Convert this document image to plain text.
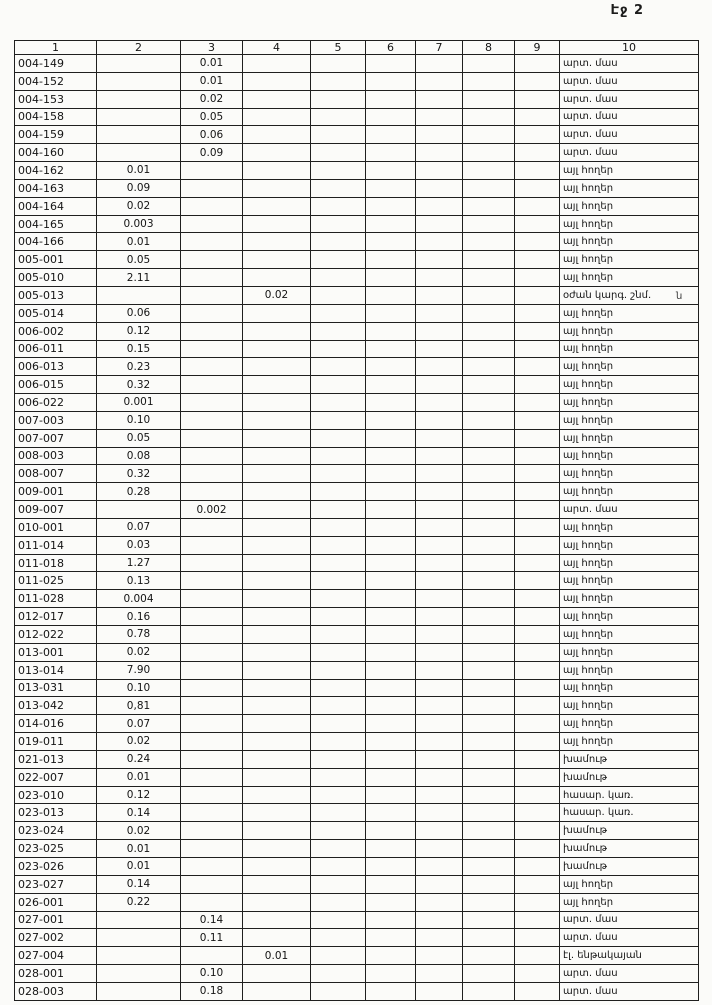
Էջ 2
ն
1	2	3	4	5	6	7	8	9	10
004-149		0.01							արտ. մաս
004-152		0.01							արտ. մաս
004-153		0.02							արտ. մաս
004-158		0.05							արտ. մաս
004-159		0.06							արտ. մաս
004-160		0.09							արտ. մաս
004-162	0.01								այլ հողեր
004-163	0.09								այլ հողեր
004-164	0.02								այլ հողեր
004-165	0.003								այլ հողեր
004-166	0.01								այլ հողեր
005-001	0.05								այլ հողեր
005-010	2.11								այլ հողեր
005-013			0.02						օժան կարգ. շնմ.
005-014	0.06								այլ հողեր
006-002	0.12								այլ հողեր
006-011	0.15								այլ հողեր
006-013	0.23								այլ հողեր
006-015	0.32								այլ հողեր
006-022	0.001								այլ հողեր
007-003	0.10								այլ հողեր
007-007	0.05								այլ հողեր
008-003	0.08								այլ հողեր
008-007	0.32								այլ հողեր
009-001	0.28								այլ հողեր
009-007		0.002							արտ. մաս
010-001	0.07								այլ հողեր
011-014	0.03								այլ հողեր
011-018	1.27								այլ հողեր
011-025	0.13								այլ հողեր
011-028	0.004								այլ հողեր
012-017	0.16								այլ հողեր
012-022	0.78								այլ հողեր
013-001	0.02								այլ հողեր
013-014	7.90								այլ հողեր
013-031	0.10								այլ հողեր
013-042	0,81								այլ հողեր
014-016	0.07								այլ հողեր
019-011	0.02								այլ հողեր
021-013	0.24								խամութ
022-007	0.01								խամութ
023-010	0.12								հասար. կառ.
023-013	0.14								հասար. կառ.
023-024	0.02								խամութ
023-025	0.01								խամութ
023-026	0.01								խամութ
023-027	0.14								այլ հողեր
026-001	0.22								այլ հողեր
027-001		0.14							արտ. մաս
027-002		0.11							արտ. մաս
027-004			0.01						էլ. ենթակայան
028-001		0.10							արտ. մաս
028-003		0.18							արտ. մաս
